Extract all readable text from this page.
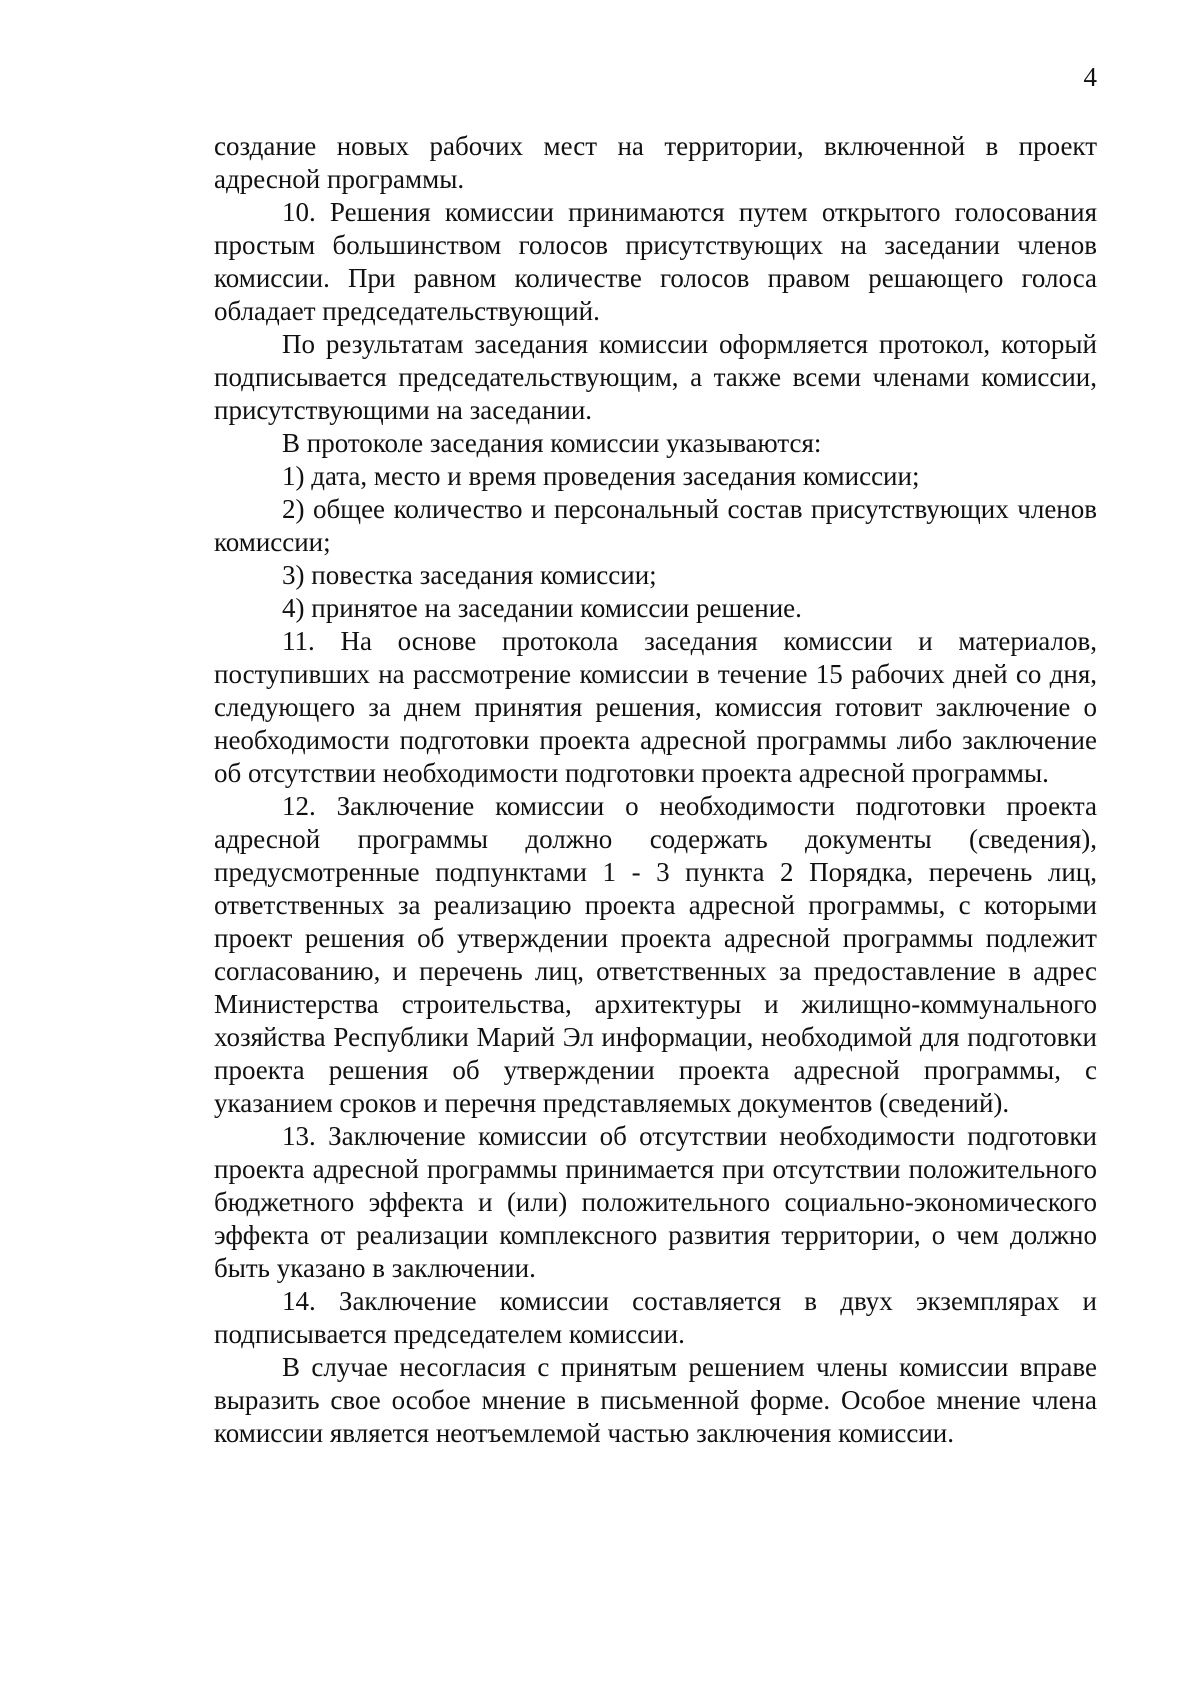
4

создание новых рабочих мест на территории, включенной в проект адресной программы.

10. Решения комиссии принимаются путем открытого голосования простым большинством голосов присутствующих на заседании членов комиссии. При равном количестве голосов правом решающего голоса обладает председательствующий.

По результатам заседания комиссии оформляется протокол, который подписывается председательствующим, а также всеми членами комиссии, присутствующими на заседании.

В протоколе заседания комиссии указываются:

1) дата, место и время проведения заседания комиссии;

2) общее количество и персональный состав присутствующих членов комиссии;

3) повестка заседания комиссии;

4) принятое на заседании комиссии решение.

11. На основе протокола заседания комиссии и материалов, поступивших на рассмотрение комиссии в течение 15 рабочих дней со дня, следующего за днем принятия решения, комиссия готовит заключение о необходимости подготовки проекта адресной программы либо заключение об отсутствии необходимости подготовки проекта адресной программы.

12. Заключение комиссии о необходимости подготовки проекта адресной программы должно содержать документы (сведения), предусмотренные подпунктами 1 - 3 пункта 2 Порядка, перечень лиц, ответственных за реализацию проекта адресной программы, с которыми проект решения об утверждении проекта адресной программы подлежит согласованию, и перечень лиц, ответственных за предоставление в адрес Министерства строительства, архитектуры и жилищно-коммунального хозяйства Республики Марий Эл информации, необходимой для подготовки проекта решения об утверждении проекта адресной программы, с указанием сроков и перечня представляемых документов (сведений).

13. Заключение комиссии об отсутствии необходимости подготовки проекта адресной программы принимается при отсутствии положительного бюджетного эффекта и (или) положительного социально-экономического эффекта от реализации комплексного развития территории, о чем должно быть указано в заключении.

14. Заключение комиссии составляется в двух экземплярах и подписывается председателем комиссии.

В случае несогласия с принятым решением члены комиссии вправе выразить свое особое мнение в письменной форме. Особое мнение члена комиссии является неотъемлемой частью заключения комиссии.
